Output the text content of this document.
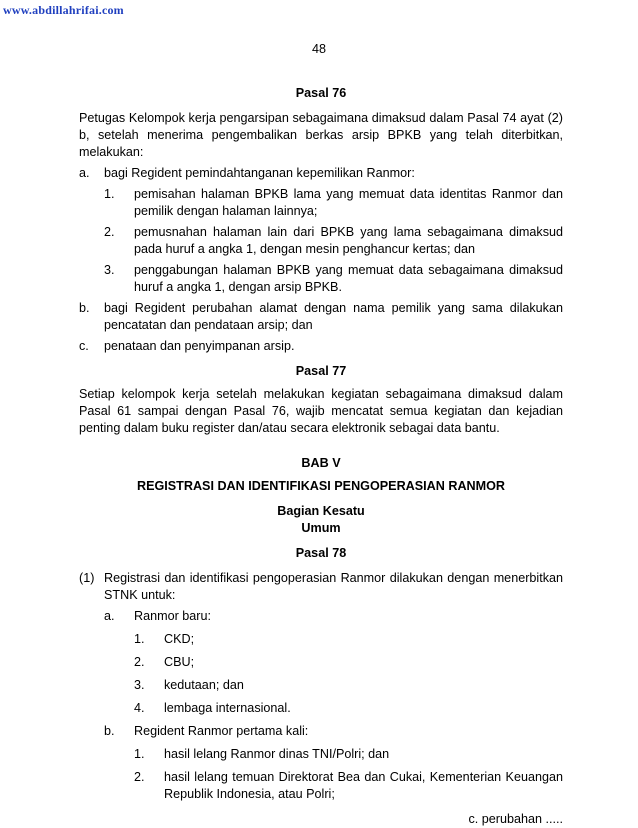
www.abdillahrifai.com
48
Pasal 76
Petugas Kelompok kerja pengarsipan sebagaimana dimaksud dalam Pasal 74 ayat (2) b, setelah menerima pengembalikan berkas arsip BPKB yang telah diterbitkan, melakukan:
a. bagi Regident pemindahtanganan kepemilikan Ranmor:
1. pemisahan halaman BPKB lama yang memuat data identitas Ranmor dan pemilik dengan halaman lainnya;
2. pemusnahan halaman lain dari BPKB yang lama sebagaimana dimaksud pada huruf a angka 1, dengan mesin penghancur kertas; dan
3. penggabungan halaman BPKB yang memuat data sebagaimana dimaksud huruf a angka 1, dengan arsip BPKB.
b. bagi Regident perubahan alamat dengan nama pemilik yang sama dilakukan pencatatan dan pendataan arsip; dan
c. penataan dan penyimpanan arsip.
Pasal 77
Setiap kelompok kerja setelah melakukan kegiatan sebagaimana dimaksud dalam Pasal 61 sampai dengan Pasal 76, wajib mencatat semua kegiatan dan kejadian penting dalam buku register dan/atau secara elektronik sebagai data bantu.
BAB V
REGISTRASI DAN IDENTIFIKASI PENGOPERASIAN RANMOR
Bagian Kesatu
Umum
Pasal 78
(1) Registrasi dan identifikasi pengoperasian Ranmor dilakukan dengan menerbitkan STNK untuk:
a. Ranmor baru:
1. CKD;
2. CBU;
3. kedutaan; dan
4. lembaga internasional.
b. Regident Ranmor pertama kali:
1. hasil lelang Ranmor dinas TNI/Polri; dan
2. hasil lelang temuan Direktorat Bea dan Cukai, Kementerian Keuangan Republik Indonesia, atau Polri;
c. perubahan .....
